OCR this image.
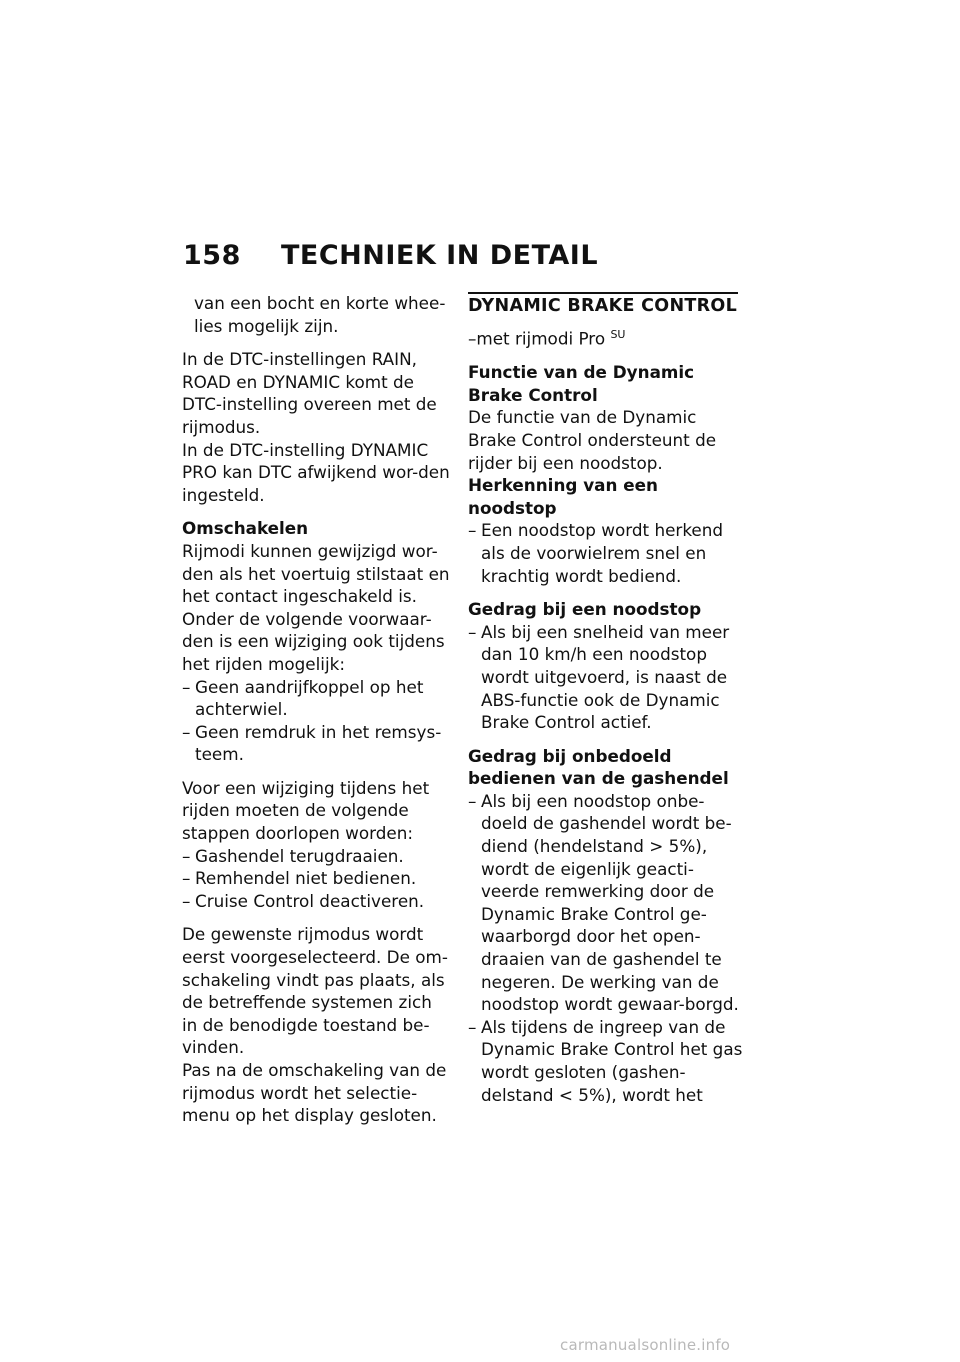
158 TECHNIEK IN DETAIL

van een bocht en korte whee-lies mogelijk zijn.

In de DTC-instellingen RAIN, ROAD en DYNAMIC komt de DTC-instelling overeen met de rijmodus.

In de DTC-instelling DYNAMIC PRO kan DTC afwijkend wor-den ingesteld.

Omschakelen

Rijmodi kunnen gewijzigd wor-den als het voertuig stilstaat en het contact ingeschakeld is. Onder de volgende voorwaar-den is een wijziging ook tijdens het rijden mogelijk:

– Geen aandrijfkoppel op het achterwiel.
– Geen remdruk in het remsys-teem.

Voor een wijziging tijdens het rijden moeten de volgende stappen doorlopen worden:

– Gashendel terugdraaien.
– Remhendel niet bedienen.
– Cruise Control deactiveren.

De gewenste rijmodus wordt eerst voorgeselecteerd. De om-schakeling vindt pas plaats, als de betreffende systemen zich in de benodigde toestand be-vinden.

Pas na de omschakeling van de rijmodus wordt het selectie-menu op het display gesloten.

DYNAMIC BRAKE CONTROL

–met rijmodi Pro $^{SU}$

Functie van de Dynamic Brake Control

De functie van de Dynamic Brake Control ondersteunt de rijder bij een noodstop.

Herkenning van een noodstop

– Een noodstop wordt herkend als de voorwielrem snel en krachtig wordt bediend.

Gedrag bij een noodstop

– Als bij een snelheid van meer dan 10 km/h een noodstop wordt uitgevoerd, is naast de ABS-functie ook de Dynamic Brake Control actief.

Gedrag bij onbedoeld bedienen van de gashendel

– Als bij een noodstop onbe-doeld de gashendel wordt be-diend (hendelstand > 5%), wordt de eigenlijk geacti-veerde remwerking door de Dynamic Brake Control ge-waarborgd door het open-draaien van de gashendel te negeren. De werking van de noodstop wordt gewaar-borgd.
– Als tijdens de ingreep van de Dynamic Brake Control het gas wordt gesloten (gashen-delstand < 5%), wordt het
carmanualsonline.info
